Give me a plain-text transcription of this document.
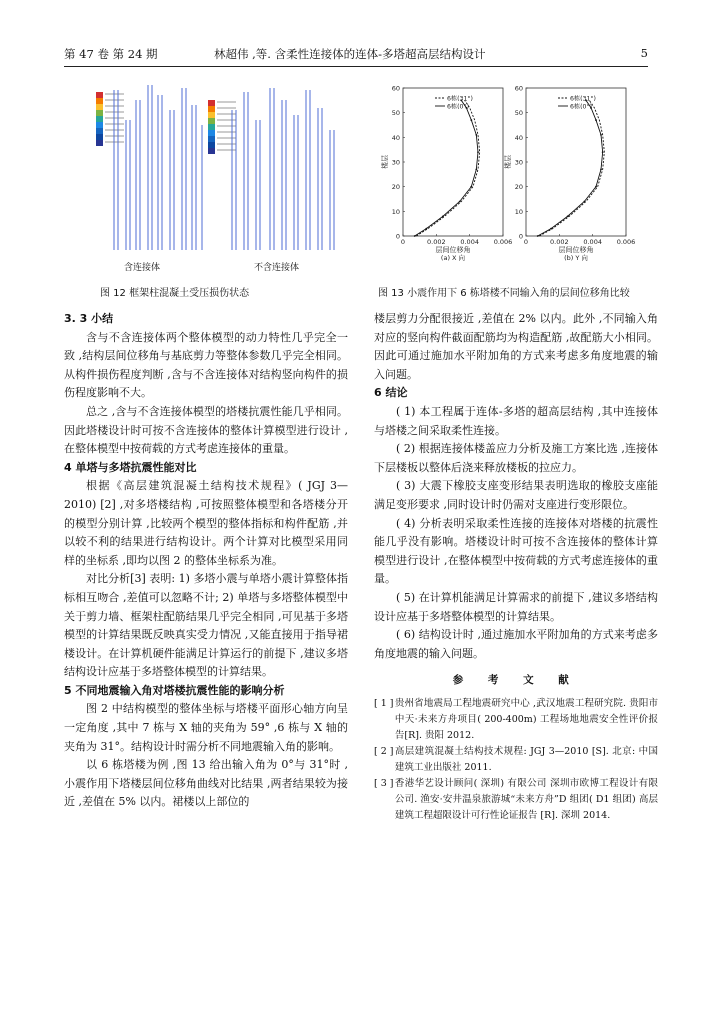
第 47 卷 第 24 期	林超伟 ,等. 含柔性连接体的连体-多塔超高层结构设计	5
含连接体	不含连接体
图 12 框架柱混凝土受压损伤状态
0
10
20
30
40
50
60
0	0.002 0.004 0.006
层间位移角
(a) X 向
楼层
6栋(31°)
6栋(0°)
0
10
20
30
40
50
60
0	0.002 0.004 0.006
层间位移角
(b) Y 向
楼层
6栋(31°)
6栋(0°)
图 13 小震作用下 6 栋塔楼不同输入角的层间位移角比较

3. 3 小结

含与不含连接体两个整体模型的动力特性几乎完全一致 ,结构层间位移角与基底剪力等整体参数几乎完全相同。从构件损伤程度判断 ,含与不含连接体对结构竖向构件的损伤程度影响不大。

总之 ,含与不含连接体模型的塔楼抗震性能几乎相同。因此塔楼设计时可按不含连接体的整体计算模型进行设计 ,在整体模型中按荷载的方式考虑连接体的重量。

4 单塔与多塔抗震性能对比

根据《高层建筑混凝土结构技术规程》( JGJ 3—2010) [2] ,对多塔楼结构 ,可按照整体模型和各塔楼分开的模型分别计算 ,比较两个模型的整体指标和构件配筋 ,并以较不利的结果进行结构设计。两个计算对比模型采用同样的坐标系 ,即均以图 2 的整体坐标系为准。

对比分析[3] 表明: 1) 多塔小震与单塔小震计算整体指标相互吻合 ,差值可以忽略不计; 2) 单塔与多塔整体模型中关于剪力墙、框架柱配筋结果几乎完全相同 ,可见基于多塔模型的计算结果既反映真实受力情况 ,又能直接用于指导裙楼设计。在计算机硬件能满足计算运行的前提下 ,建议多塔结构设计应基于多塔整体模型的计算结果。

5 不同地震输入角对塔楼抗震性能的影响分析

图 2 中结构模型的整体坐标与塔楼平面形心轴方向呈一定角度 ,其中 7 栋与 X 轴的夹角为 59° ,6 栋与 X 轴的夹角为 31°。结构设计时需分析不同地震输入角的影响。

以 6 栋塔楼为例 ,图 13 给出输入角为 0°与 31°时 ,小震作用下塔楼层间位移角曲线对比结果 ,两者结果较为接近 ,差值在 5% 以内。裙楼以上部位的

楼层剪力分配很接近 ,差值在 2% 以内。此外 ,不同输入角对应的竖向构件截面配筋均为构造配筋 ,故配筋大小相同。因此可通过施加水平附加角的方式来考虑多角度地震的输入问题。

6 结论

( 1) 本工程属于连体-多塔的超高层结构 ,其中连接体与塔楼之间采取柔性连接。

( 2) 根据连接体楼盖应力分析及施工方案比选 ,连接体下层楼板以整体后浇来释放楼板的拉应力。

( 3) 大震下橡胶支座变形结果表明选取的橡胶支座能满足变形要求 ,同时设计时仍需对支座进行变形限位。

( 4) 分析表明采取柔性连接的连接体对塔楼的抗震性能几乎没有影响。塔楼设计时可按不含连接体的整体计算模型进行设计 ,在整体模型中按荷载的方式考虑连接体的重量。

( 5) 在计算机能满足计算需求的前提下 ,建议多塔结构设计应基于多塔整体模型的计算结果。

( 6) 结构设计时 ,通过施加水平附加角的方式来考虑多角度地震的输入问题。

参 考 文 献

[ 1 ] 贵州省地震局工程地震研究中心 ,武汉地震工程研究院. 贵阳市中天·未来方舟项目( 200-400m) 工程场地地震安全性评价报告[R]. 贵阳 2012.

[ 2 ] 高层建筑混凝土结构技术规程: JGJ 3—2010 [S]. 北京: 中国建筑工业出版社 2011.

[ 3 ] 香港华艺设计顾问( 深圳) 有限公司 深圳市欧博工程设计有限公司. 渔安·安井温泉旅游城“未来方舟”D 组团( D1 组团) 高层建筑工程超限设计可行性论证报告 [R]. 深圳 2014.
